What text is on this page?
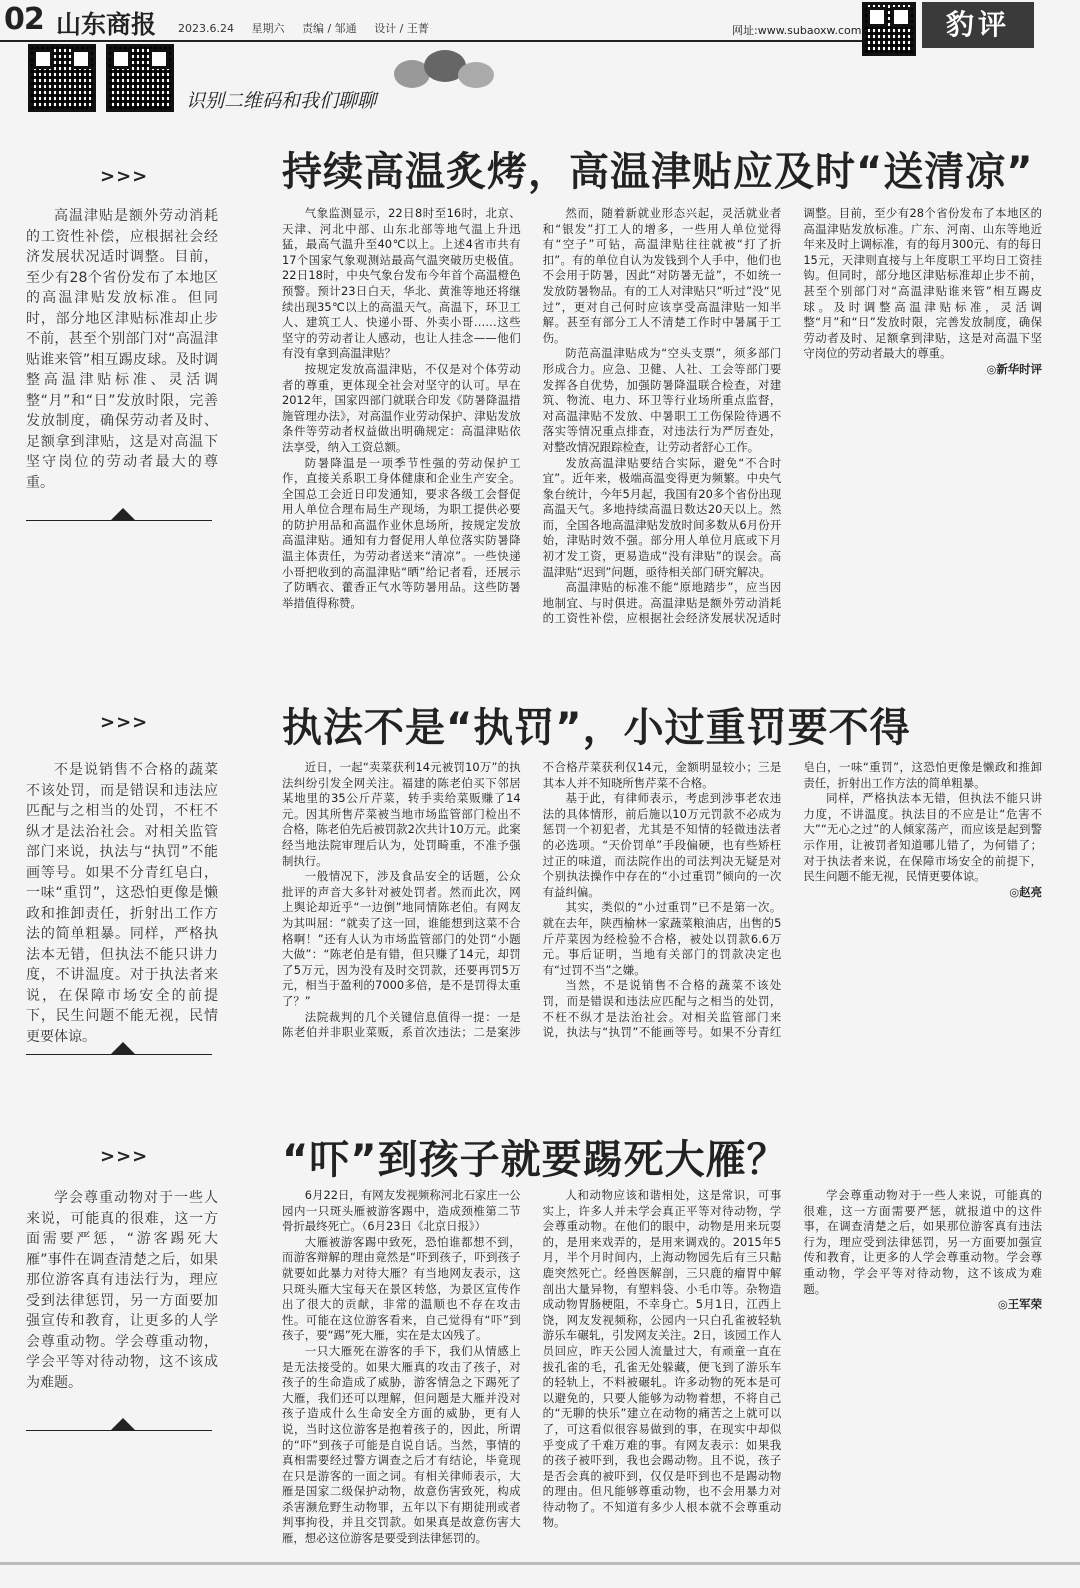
02 山东商报 2023.6.24 星期六 责编 / 邹通 设计 / 王菁	网址:www.subaoxw.com	豹评
识别二维码和我们聊聊
持续高温炙烤，高温津贴应及时“送清凉”
>>>
高温津贴是额外劳动消耗的工资性补偿，应根据社会经济发展状况适时调整。目前，至少有28个省份发布了本地区的高温津贴发放标准。但同时，部分地区津贴标准却止步不前，甚至个别部门对“高温津贴谁来管”相互踢皮球。及时调整高温津贴标准、灵活调整“月”和“日”发放时限，完善发放制度，确保劳动者及时、足额拿到津贴，这是对高温下坚守岗位的劳动者最大的尊重。

气象监测显示，22日8时至16时，北京、天津、河北中部、山东北部等地气温上升迅猛，最高气温升至40℃以上。上述4省市共有17个国家气象观测站最高气温突破历史极值。22日18时，中央气象台发布今年首个高温橙色预警。预计23日白天，华北、黄淮等地还将继续出现35℃以上的高温天气。高温下，环卫工人、建筑工人、快递小哥、外卖小哥……这些坚守的劳动者让人感动，也让人挂念——他们有没有拿到高温津贴？

按规定发放高温津贴，不仅是对个体劳动者的尊重，更体现全社会对坚守的认可。早在2012年，国家四部门就联合印发《防暑降温措施管理办法》，对高温作业劳动保护、津贴发放条件等劳动者权益做出明确规定：高温津贴依法享受，纳入工资总额。

防暑降温是一项季节性强的劳动保护工作，直接关系职工身体健康和企业生产安全。全国总工会近日印发通知，要求各级工会督促用人单位合理布局生产现场，为职工提供必要的防护用品和高温作业休息场所，按规定发放高温津贴。通知有力督促用人单位落实防暑降温主体责任，为劳动者送来“清凉”。一些快递小哥把收到的高温津贴“晒”给记者看，还展示了防晒衣、藿香正气水等防暑用品。这些防暑举措值得称赞。

然而，随着新就业形态兴起，灵活就业者和“银发”打工人的增多，一些用人单位觉得有“空子”可钻，高温津贴往往就被“打了折扣”。有的单位自认为发钱到个人手中，他们也不会用于防暑，因此“对防暑无益”，不如统一发放防暑物品。有的工人对津贴只“听过”没“见过”，更对自己何时应该享受高温津贴一知半解。甚至有部分工人不清楚工作时中暑属于工伤。

防范高温津贴成为“空头支票”，须多部门形成合力。应急、卫健、人社、工会等部门要发挥各自优势，加强防暑降温联合检查，对建筑、物流、电力、环卫等行业场所重点监督，对高温津贴不发放、中暑职工工伤保险待遇不落实等情况重点排查，对违法行为严厉查处，对整改情况跟踪检查，让劳动者舒心工作。

发放高温津贴要结合实际，避免“不合时宜”。近年来，极端高温变得更为频繁。中央气象台统计，今年5月起，我国有20多个省份出现高温天气。多地持续高温日数达20天以上。然而，全国各地高温津贴发放时间多数从6月份开始，津贴时效不强。部分用人单位月底或下月初才发工资，更易造成“没有津贴”的误会。高温津贴“迟到”问题，亟待相关部门研究解决。

高温津贴的标准不能“原地踏步”，应当因地制宜、与时俱进。高温津贴是额外劳动消耗的工资性补偿，应根据社会经济发展状况适时调整。目前，至少有28个省份发布了本地区的高温津贴发放标准。广东、河南、山东等地近年来及时上调标准，有的每月300元、有的每日15元，天津则直接与上年度职工平均日工资挂钩。但同时，部分地区津贴标准却止步不前，甚至个别部门对“高温津贴谁来管”相互踢皮球。及时调整高温津贴标准，灵活调整“月”和“日”发放时限，完善发放制度，确保劳动者及时、足额拿到津贴，这是对高温下坚守岗位的劳动者最大的尊重。

◎新华时评

执法不是“执罚”，小过重罚要不得
>>>
不是说销售不合格的蔬菜不该处罚，而是错误和违法应匹配与之相当的处罚，不枉不纵才是法治社会。对相关监管部门来说，执法与“执罚”不能画等号。如果不分青红皂白，一味“重罚”，这恐怕更像是懒政和推卸责任，折射出工作方法的简单粗暴。同样，严格执法本无错，但执法不能只讲力度，不讲温度。对于执法者来说，在保障市场安全的前提下，民生问题不能无视，民情更要体谅。

近日，一起“卖菜获利14元被罚10万”的执法纠纷引发全网关注。福建的陈老伯买下邻居某地里的35公斤芹菜，转手卖给菜贩赚了14元。因其所售芹菜被当地市场监管部门检出不合格，陈老伯先后被罚款2次共计10万元。此案经当地法院审理后认为，处罚畸重，不准予强制执行。

一般情况下，涉及食品安全的话题，公众批评的声音大多针对被处罚者。然而此次，网上舆论却近乎“一边倒”地同情陈老伯。有网友为其叫屈：“就卖了这一回，谁能想到这菜不合格啊！”还有人认为市场监管部门的处罚“小题大做”：“陈老伯是有错，但只赚了14元，却罚了5万元，因为没有及时交罚款，还要再罚5万元，相当于盈利的7000多倍，是不是罚得太重了？”

法院裁判的几个关键信息值得一提：一是陈老伯并非职业菜贩，系首次违法；二是案涉不合格芹菜获利仅14元，金额明显较小；三是其本人并不知晓所售芹菜不合格。

基于此，有律师表示，考虑到涉事老农违法的具体情形，前后施以10万元罚款不必成为惩罚一个初犯者，尤其是不知情的轻微违法者的必选项。“天价罚单”手段偏硬，也有些矫枉过正的味道，而法院作出的司法判决无疑是对个别执法操作中存在的“小过重罚”倾向的一次有益纠偏。

其实，类似的“小过重罚”已不是第一次。就在去年，陕西榆林一家蔬菜粮油店，出售的5斤芹菜因为经检验不合格，被处以罚款6.6万元。事后证明，当地有关部门的罚款决定也有“过罚不当”之嫌。

当然，不是说销售不合格的蔬菜不该处罚，而是错误和违法应匹配与之相当的处罚，不枉不纵才是法治社会。对相关监管部门来说，执法与“执罚”不能画等号。如果不分青红皂白，一味“重罚”，这恐怕更像是懒政和推卸责任，折射出工作方法的简单粗暴。

同样，严格执法本无错，但执法不能只讲力度，不讲温度。执法目的不应是让“危害不大”“无心之过”的人倾家荡产，而应该是起到警示作用，让被罚者知道哪儿错了，为何错了；对于执法者来说，在保障市场安全的前提下，民生问题不能无视，民情更要体谅。

◎赵亮

“吓”到孩子就要踢死大雁？
>>>
学会尊重动物对于一些人来说，可能真的很难，这一方面需要严惩，“游客踢死大雁”事件在调查清楚之后，如果那位游客真有违法行为，理应受到法律惩罚，另一方面要加强宣传和教育，让更多的人学会尊重动物。学会尊重动物，学会平等对待动物，这不该成为难题。

6月22日，有网友发视频称河北石家庄一公园内一只斑头雁被游客踢中，造成颈椎第二节骨折最终死亡。（6月23日《北京日报》）

大雁被游客踢中致死，恐怕谁都想不到，而游客辩解的理由竟然是“吓到孩子，吓到孩子就要如此暴力对待大雁？有当地网友表示，这只斑头雁大宝每天在景区转悠，为景区宣传作出了很大的贡献，非常的温顺也不存在攻击性。可能在这位游客看来，自己觉得有“吓”到孩子，要“踢”死大雁，实在是太凶残了。

一只大雁死在游客的手下，我们从情感上是无法接受的。如果大雁真的攻击了孩子，对孩子的生命造成了威胁，游客情急之下踢死了大雁，我们还可以理解，但问题是大雁并没对孩子造成什么生命安全方面的威胁，更有人说，当时这位游客是抱着孩子的，因此，所谓的“吓”到孩子可能是自说自话。当然，事情的真相需要经过警方调查之后才有结论，毕竟现在只是游客的一面之词。有相关律师表示，大雁是国家二级保护动物，故意伤害致死，构成杀害濒危野生动物罪，五年以下有期徒刑或者判事拘役，并且交罚款。如果真是故意伤害大雁，想必这位游客是要受到法律惩罚的。

人和动物应该和谐相处，这是常识，可事实上，许多人并未学会真正平等对待动物，学会尊重动物。在他们的眼中，动物是用来玩耍的，是用来戏弄的，是用来调戏的。2015年5月，半个月时间内，上海动物园先后有三只黇鹿突然死亡。经兽医解剖，三只鹿的瘤胃中解剖出大量异物，有塑料袋、小毛巾等。杂物造成动物胃肠梗阻，不幸身亡。5月1日，江西上饶，网友发视频称，公园内一只白孔雀被轻轨游乐车碾轧，引发网友关注。2日，该园工作人员回应，昨天公园人流量过大，有顽童一直在拔孔雀的毛，孔雀无处躲藏，便飞到了游乐车的轻轨上，不料被碾轧。许多动物的死本是可以避免的，只要人能够为动物着想，不将自己的“无聊的快乐”建立在动物的痛苦之上就可以了，可这看似很容易做到的事，在现实中却似乎变成了千难万难的事。有网友表示：如果我的孩子被吓到，我也会踢动物。且不说，孩子是否会真的被吓到，仅仅是吓到也不是踢动物的理由。但凡能够尊重动物，也不会用暴力对待动物了。不知道有多少人根本就不会尊重动物。

学会尊重动物对于一些人来说，可能真的很难，这一方面需要严惩，就报道中的这件事，在调查清楚之后，如果那位游客真有违法行为，理应受到法律惩罚，另一方面要加强宣传和教育，让更多的人学会尊重动物。学会尊重动物，学会平等对待动物，这不该成为难题。

◎王军荣
